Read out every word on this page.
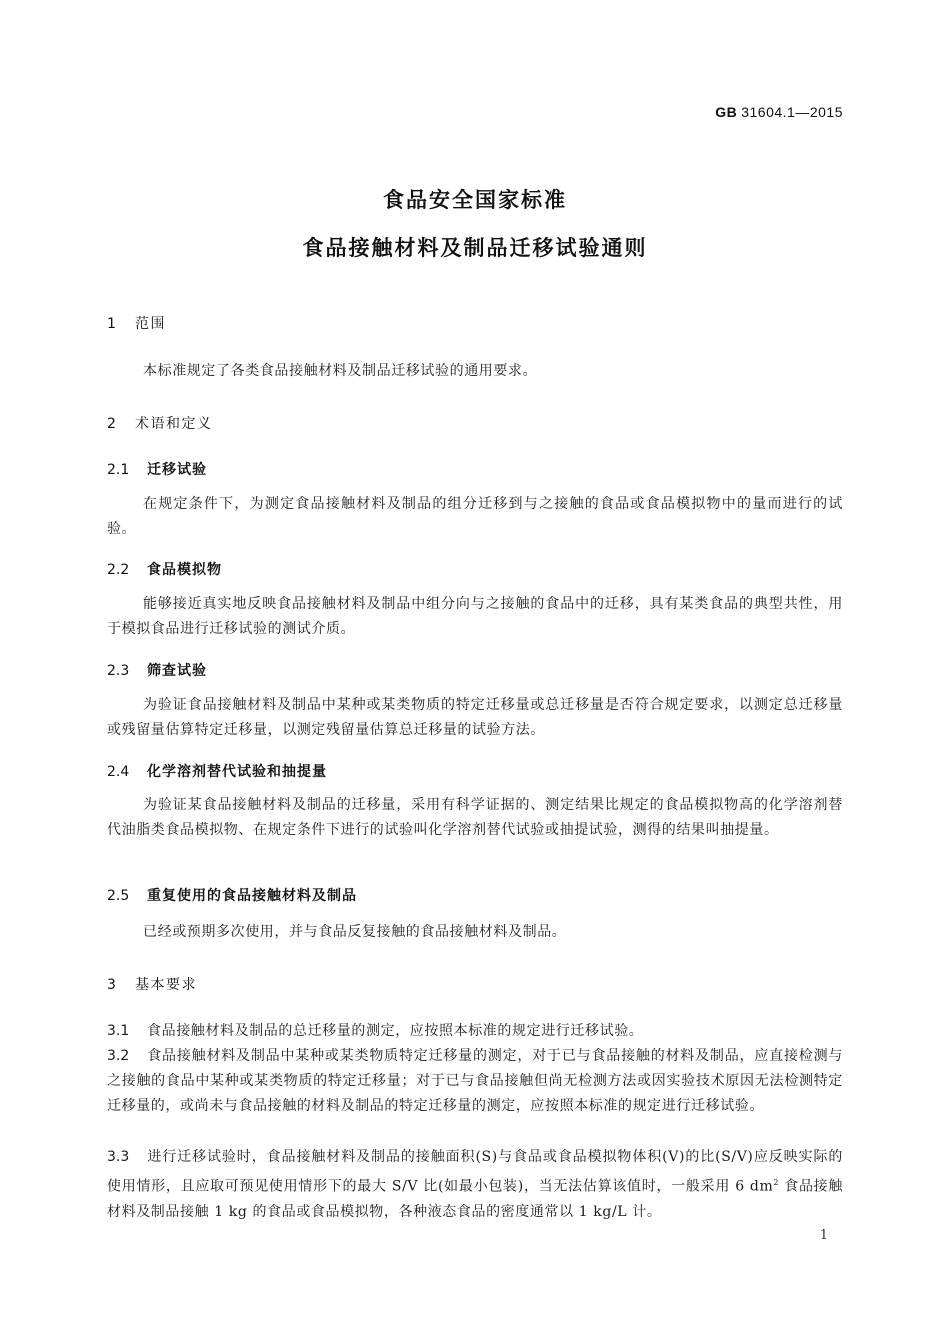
GB 31604.1—2015
食品安全国家标准
食品接触材料及制品迁移试验通则
1 范围
本标准规定了各类食品接触材料及制品迁移试验的通用要求。
2 术语和定义
2.1 迁移试验
在规定条件下，为测定食品接触材料及制品的组分迁移到与之接触的食品或食品模拟物中的量而进行的试验。
2.2 食品模拟物
能够接近真实地反映食品接触材料及制品中组分向与之接触的食品中的迁移，具有某类食品的典型共性，用于模拟食品进行迁移试验的测试介质。
2.3 筛查试验
为验证食品接触材料及制品中某种或某类物质的特定迁移量或总迁移量是否符合规定要求，以测定总迁移量或残留量估算特定迁移量，以测定残留量估算总迁移量的试验方法。
2.4 化学溶剂替代试验和抽提量
为验证某食品接触材料及制品的迁移量，采用有科学证据的、测定结果比规定的食品模拟物高的化学溶剂替代油脂类食品模拟物、在规定条件下进行的试验叫化学溶剂替代试验或抽提试验，测得的结果叫抽提量。
2.5 重复使用的食品接触材料及制品
已经或预期多次使用，并与食品反复接触的食品接触材料及制品。
3 基本要求
3.1 食品接触材料及制品的总迁移量的测定，应按照本标准的规定进行迁移试验。
3.2 食品接触材料及制品中某种或某类物质特定迁移量的测定，对于已与食品接触的材料及制品，应直接检测与之接触的食品中某种或某类物质的特定迁移量；对于已与食品接触但尚无检测方法或因实验技术原因无法检测特定迁移量的，或尚未与食品接触的材料及制品的特定迁移量的测定，应按照本标准的规定进行迁移试验。
3.3 进行迁移试验时，食品接触材料及制品的接触面积(S)与食品或食品模拟物体积(V)的比(S/V)应反映实际的使用情形，且应取可预见使用情形下的最大 S/V 比(如最小包装)，当无法估算该值时，一般采用 6 $dm^2$ 食品接触材料及制品接触 1 kg 的食品或食品模拟物，各种液态食品的密度通常以 1 kg/L 计。
1
